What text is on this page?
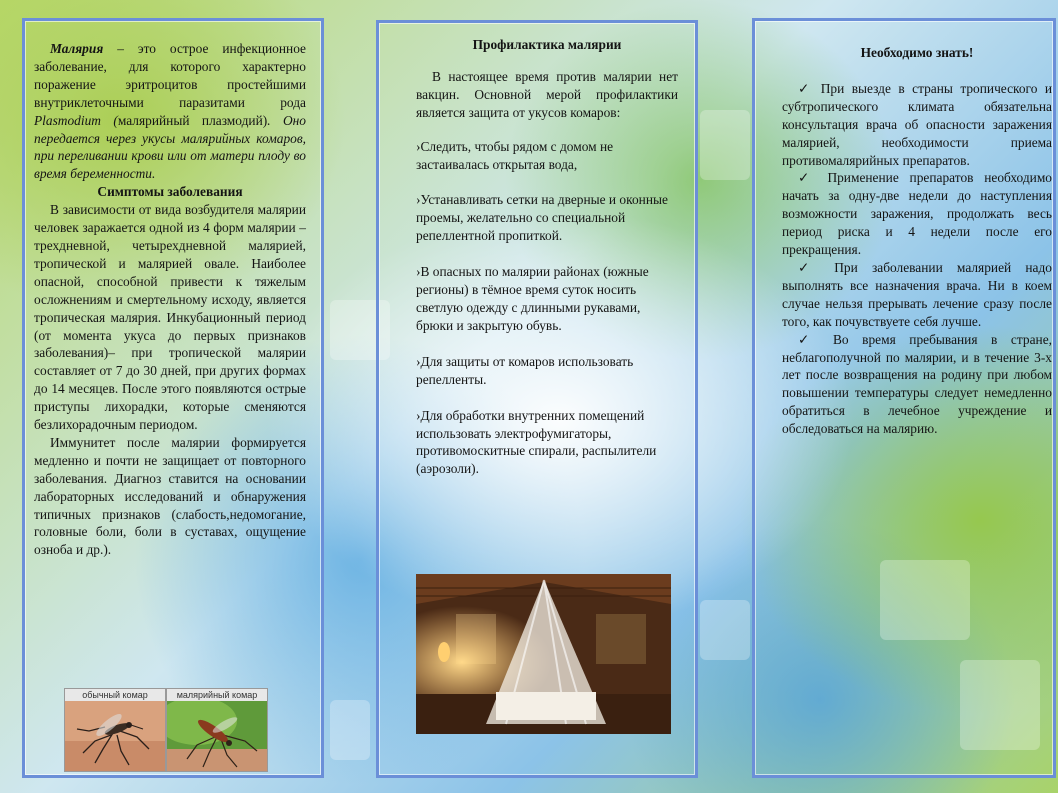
Малярия – это острое инфекционное заболевание, для которого характерно поражение эритроцитов простейшими внутриклеточными паразитами рода Plasmodium (малярийный плазмодий). Оно передается через укусы малярийных комаров, при переливании крови или от матери плоду во время беременности.

Симптомы заболевания

В зависимости от вида возбудителя малярии человек заражается одной из 4 форм малярии – трехдневной, четырехдневной малярией, тропической и малярией овале. Наиболее опасной, способной привести к тяжелым осложнениям и смертельному исходу, является тропическая малярия. Инкубационный период (от момента укуса до первых признаков заболевания)– при тропической малярии составляет от 7 до 30 дней, при других формах до 14 месяцев. После этого появляются острые приступы лихорадки, которые сменяются безлихорадочным периодом.

Иммунитет после малярии формируется медленно и почти не защищает от повторного заболевания. Диагноз ставится на основании лабораторных исследований и обнаружения типичных признаков (слабость,недомогание, головные боли, боли в суставах, ощущение озноба и др.).

обычный комар	малярийный комар

Профилактика малярии

В настоящее время против малярии нет вакцин. Основной мерой профилактики является защита от укусов комаров:

› Следить, чтобы рядом с домом не застаивалась открытая вода,

› Устанавливать сетки на дверные и оконные проемы, желательно со специальной репеллентной пропиткой.

› В опасных по малярии районах (южные регионы) в тёмное время суток носить светлую одежду с длинными рукавами, брюки и закрытую обувь.

› Для защиты от комаров использовать репелленты.

› Для обработки внутренних помещений использовать электрофумигаторы, противомоскитные спирали, распылители (аэрозоли).

Необходимо знать!

✓ При выезде в страны тропического и субтропического климата обязательна консультация врача об опасности заражения малярией, необходимости приема противомалярийных препаратов.

✓ Применение препаратов необходимо начать за одну-две недели до наступления возможности заражения, продолжать весь период риска и 4 недели после его прекращения.

✓ При заболевании малярией надо выполнять все назначения врача. Ни в коем случае нельзя прерывать лечение сразу после того, как почувствуете себя лучше.

✓ Во время пребывания в стране, неблагополучной по малярии, и в течение 3-х лет после возвращения на родину при любом повышении температуры следует немедленно обратиться в лечебное учреждение и обследоваться на малярию.
